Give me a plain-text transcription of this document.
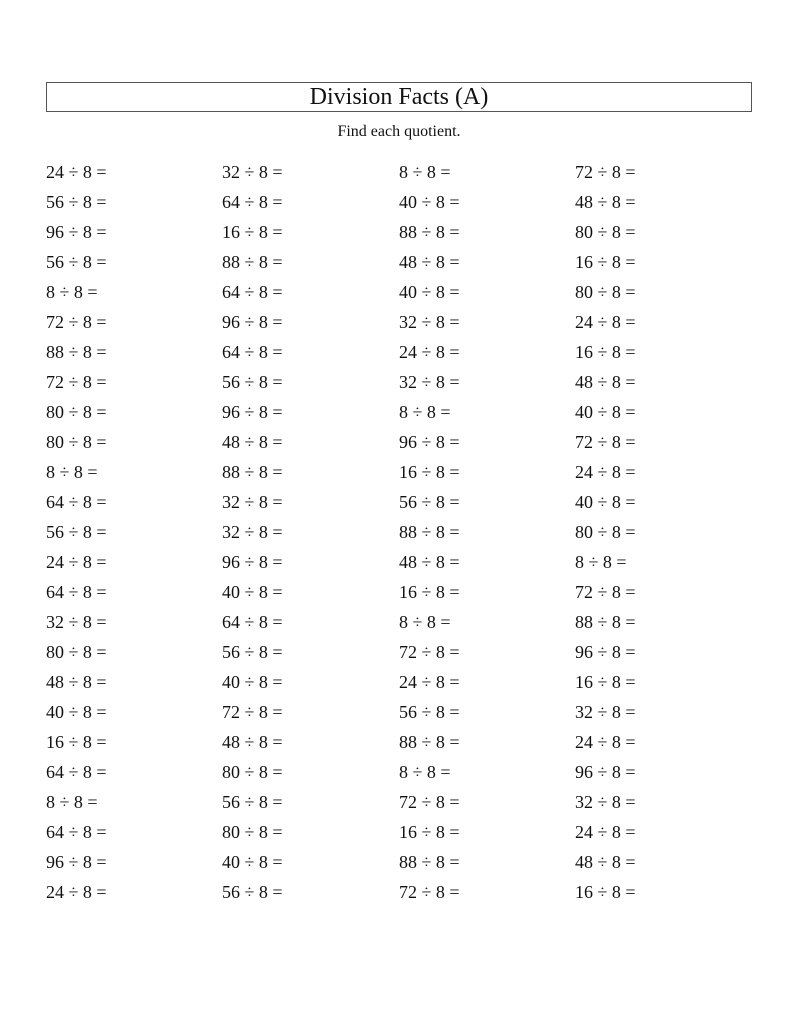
Division Facts (A)
Find each quotient.
24 ÷ 8 =	32 ÷ 8 =	8 ÷ 8 =	72 ÷ 8 =
56 ÷ 8 =	64 ÷ 8 =	40 ÷ 8 =	48 ÷ 8 =
96 ÷ 8 =	16 ÷ 8 =	88 ÷ 8 =	80 ÷ 8 =
56 ÷ 8 =	88 ÷ 8 =	48 ÷ 8 =	16 ÷ 8 =
8 ÷ 8 =	64 ÷ 8 =	40 ÷ 8 =	80 ÷ 8 =
72 ÷ 8 =	96 ÷ 8 =	32 ÷ 8 =	24 ÷ 8 =
88 ÷ 8 =	64 ÷ 8 =	24 ÷ 8 =	16 ÷ 8 =
72 ÷ 8 =	56 ÷ 8 =	32 ÷ 8 =	48 ÷ 8 =
80 ÷ 8 =	96 ÷ 8 =	8 ÷ 8 =	40 ÷ 8 =
80 ÷ 8 =	48 ÷ 8 =	96 ÷ 8 =	72 ÷ 8 =
8 ÷ 8 =	88 ÷ 8 =	16 ÷ 8 =	24 ÷ 8 =
64 ÷ 8 =	32 ÷ 8 =	56 ÷ 8 =	40 ÷ 8 =
56 ÷ 8 =	32 ÷ 8 =	88 ÷ 8 =	80 ÷ 8 =
24 ÷ 8 =	96 ÷ 8 =	48 ÷ 8 =	8 ÷ 8 =
64 ÷ 8 =	40 ÷ 8 =	16 ÷ 8 =	72 ÷ 8 =
32 ÷ 8 =	64 ÷ 8 =	8 ÷ 8 =	88 ÷ 8 =
80 ÷ 8 =	56 ÷ 8 =	72 ÷ 8 =	96 ÷ 8 =
48 ÷ 8 =	40 ÷ 8 =	24 ÷ 8 =	16 ÷ 8 =
40 ÷ 8 =	72 ÷ 8 =	56 ÷ 8 =	32 ÷ 8 =
16 ÷ 8 =	48 ÷ 8 =	88 ÷ 8 =	24 ÷ 8 =
64 ÷ 8 =	80 ÷ 8 =	8 ÷ 8 =	96 ÷ 8 =
8 ÷ 8 =	56 ÷ 8 =	72 ÷ 8 =	32 ÷ 8 =
64 ÷ 8 =	80 ÷ 8 =	16 ÷ 8 =	24 ÷ 8 =
96 ÷ 8 =	40 ÷ 8 =	88 ÷ 8 =	48 ÷ 8 =
24 ÷ 8 =	56 ÷ 8 =	72 ÷ 8 =	16 ÷ 8 =
